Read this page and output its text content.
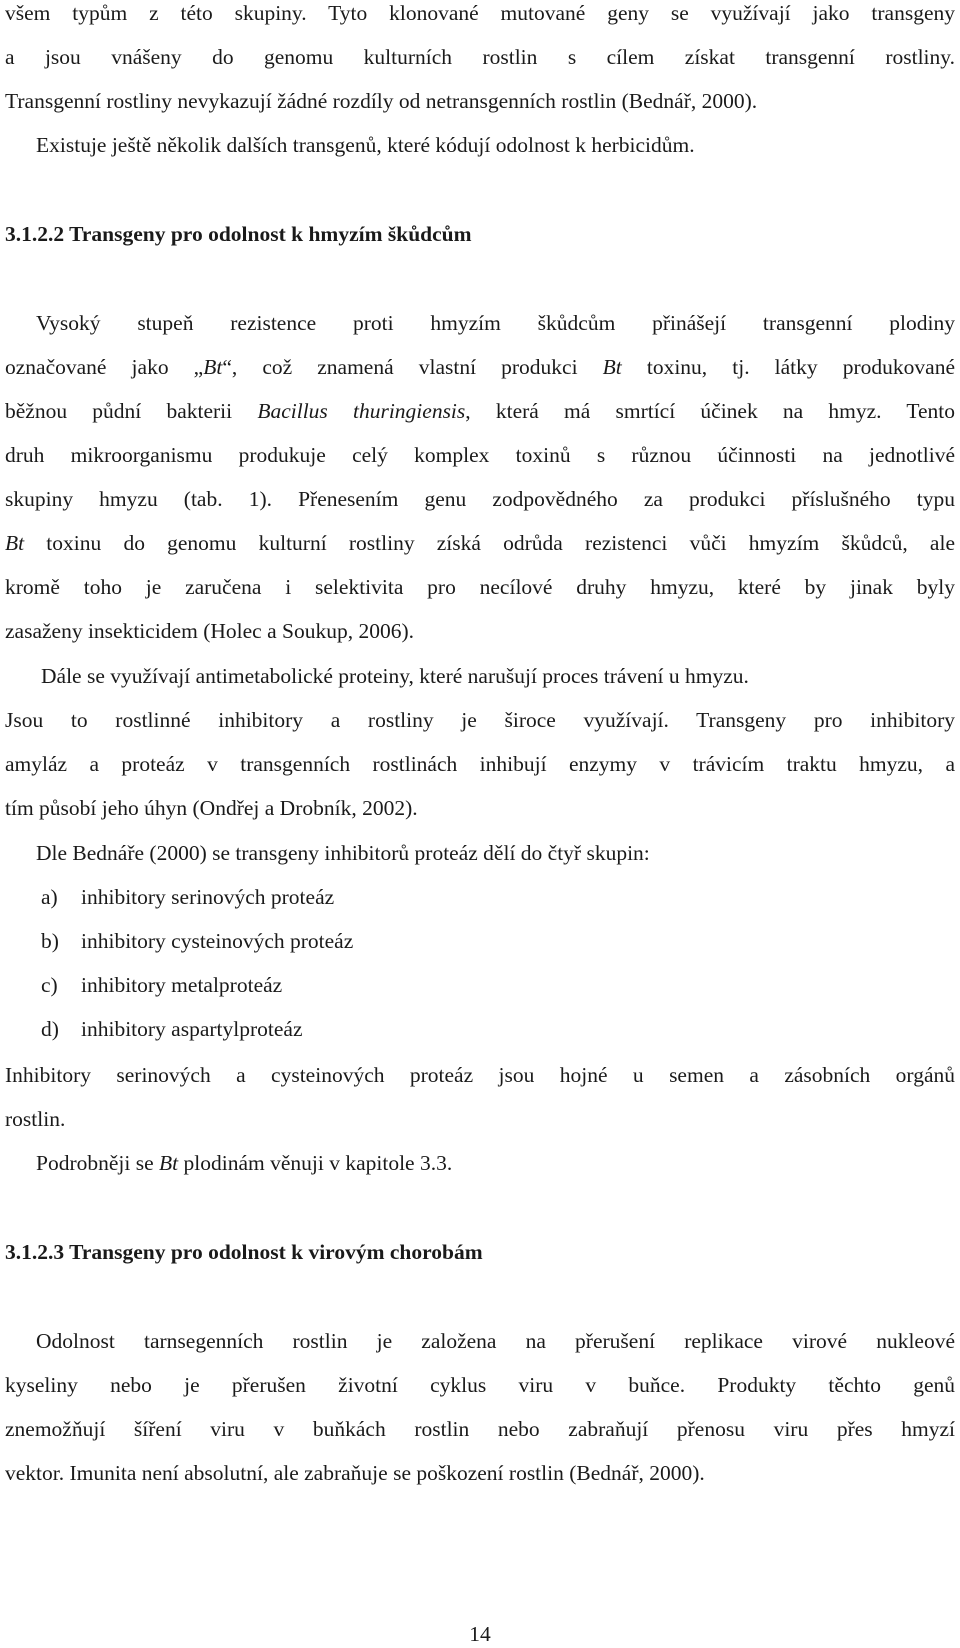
všem typům z této skupiny. Tyto klonované mutované geny se využívají jako transgeny
a jsou vnášeny do genomu kulturních rostlin s cílem získat transgenní rostliny.
Transgenní rostliny nevykazují žádné rozdíly od netransgenních rostlin (Bednář, 2000).
Existuje ještě několik dalších transgenů, které kódují odolnost k herbicidům.
3.1.2.2 Transgeny pro odolnost k hmyzím škůdcům
Vysoký stupeň rezistence proti hmyzím škůdcům přinášejí transgenní plodiny
označované jako „Bt“, což znamená vlastní produkci Bt toxinu, tj. látky produkované
běžnou půdní bakterii Bacillus thuringiensis, která má smrtící účinek na hmyz. Tento
druh mikroorganismu produkuje celý komplex toxinů s různou účinnosti na jednotlivé
skupiny hmyzu (tab. 1). Přenesením genu zodpovědného za produkci příslušného typu
Bt toxinu do genomu kulturní rostliny získá odrůda rezistenci vůči hmyzím škůdců, ale
kromě toho je zaručena i selektivita pro necílové druhy hmyzu, které by jinak byly
zasaženy insekticidem (Holec a Soukup, 2006).
Dále se využívají antimetabolické proteiny, které narušují proces trávení u hmyzu.
Jsou to rostlinné inhibitory a rostliny je široce využívají. Transgeny pro inhibitory
amyláz a proteáz v transgenních rostlinách inhibují enzymy v trávicím traktu hmyzu, a
tím působí jeho úhyn (Ondřej a Drobník, 2002).
Dle Bednáře (2000) se transgeny inhibitorů proteáz dělí do čtyř skupin:
a) inhibitory serinových proteáz
b) inhibitory cysteinových proteáz
c) inhibitory metalproteáz
d) inhibitory aspartylproteáz
Inhibitory serinových a cysteinových proteáz jsou hojné u semen a zásobních orgánů
rostlin.
Podrobněji se Bt plodinám věnuji v kapitole 3.3.
3.1.2.3 Transgeny pro odolnost k virovým chorobám
Odolnost tarnsegenních rostlin je založena na přerušení replikace virové nukleové
kyseliny nebo je přerušen životní cyklus viru v buňce. Produkty těchto genů
znemožňují šíření viru v buňkách rostlin nebo zabraňují přenosu viru přes hmyzí
vektor. Imunita není absolutní, ale zabraňuje se poškození rostlin (Bednář, 2000).
14
